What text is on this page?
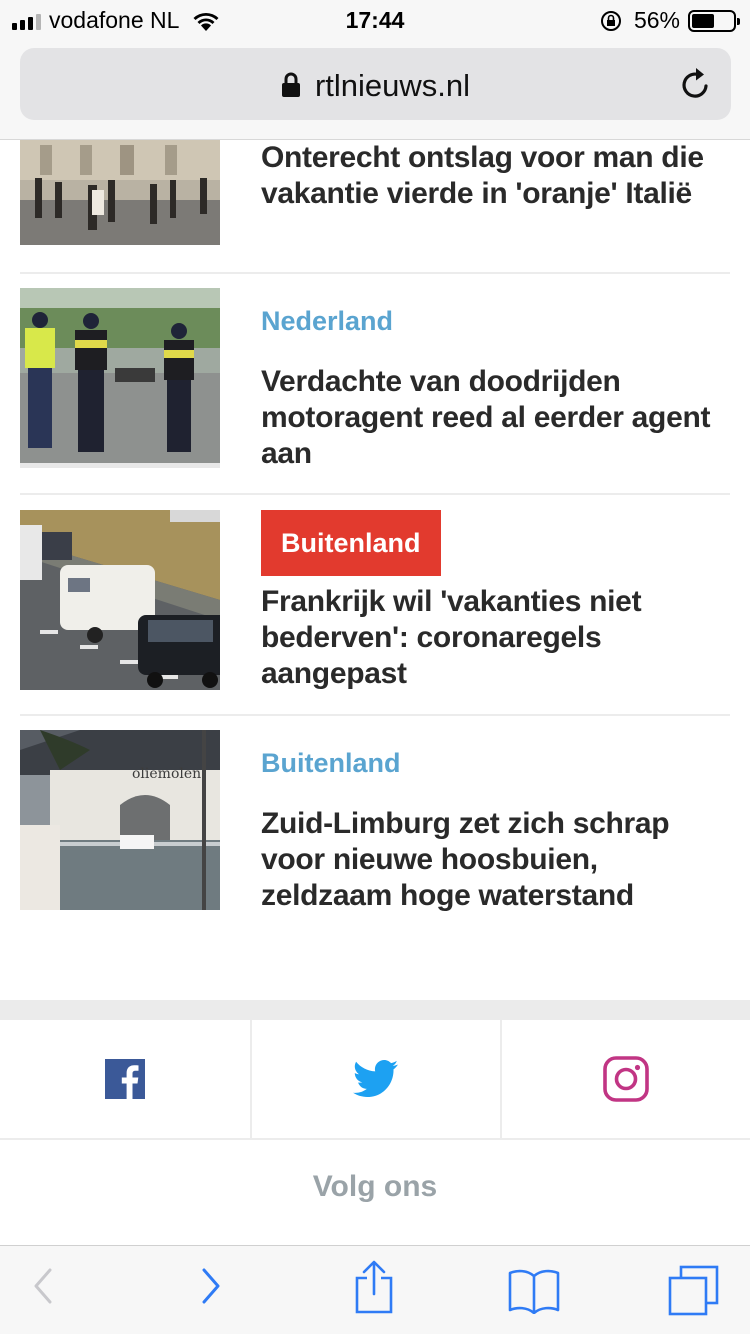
vodafone NL	17:44	56%
rtlnieuws.nl
Onterecht ontslag voor man die vakantie vierde in 'oranje' Italië
Nederland
Verdachte van doodrijden motoragent reed al eerder agent aan
Buitenland
Frankrijk wil 'vakanties niet bederven': coronaregels aangepast
oliemolen Buitenland
Zuid-Limburg zet zich schrap voor nieuwe hoosbuien, zeldzaam hoge waterstand
Volg ons
